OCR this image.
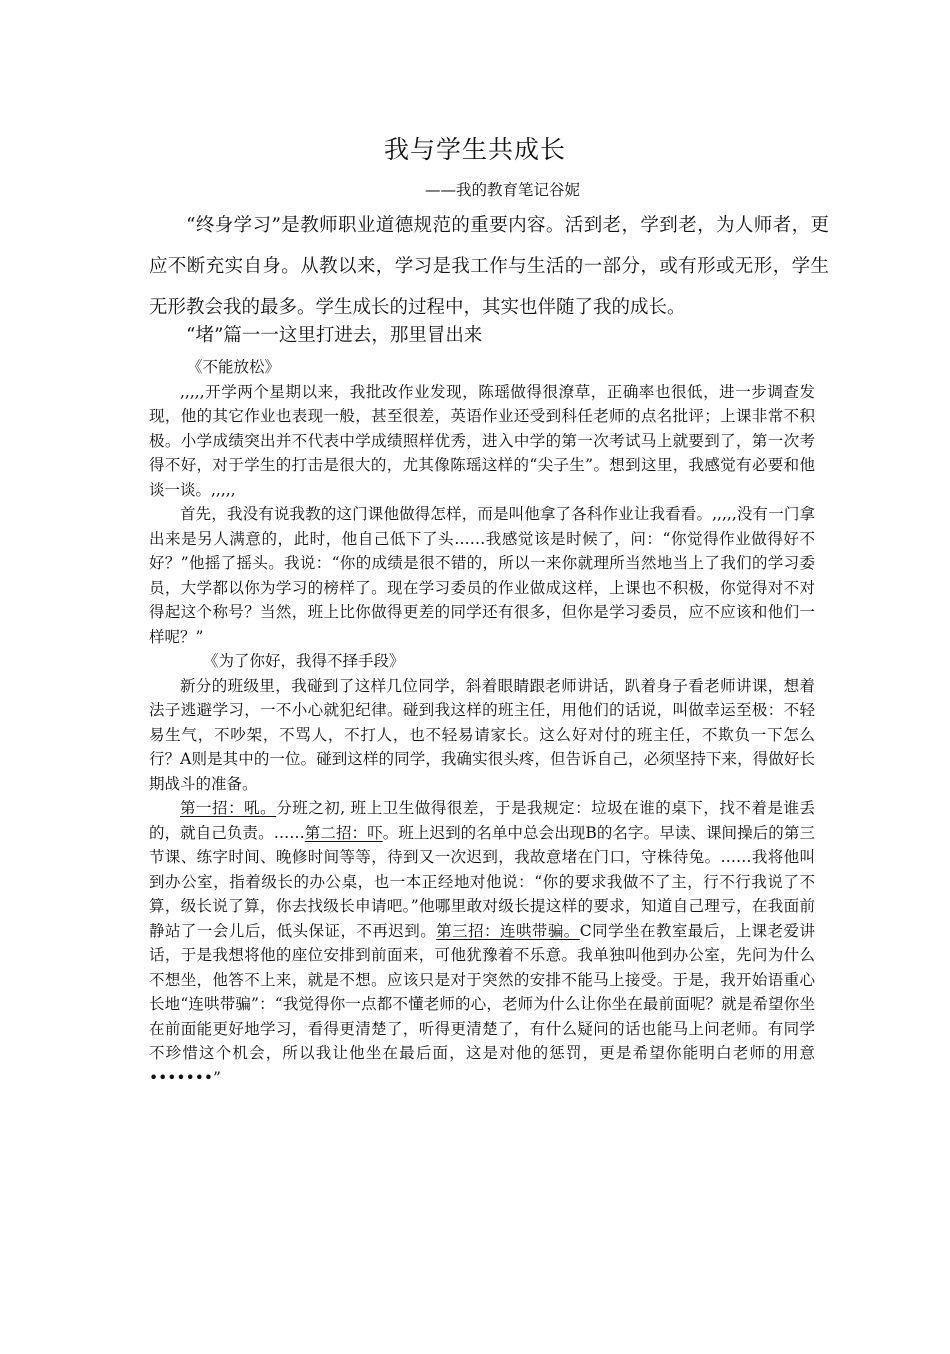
我与学生共成长
——我的教育笔记谷妮

“终身学习”是教师职业道德规范的重要内容。活到老，学到老，为人师者，更应不断充实自身。从教以来，学习是我工作与生活的一部分，或有形或无形，学生无形教会我的最多。学生成长的过程中，其实也伴随了我的成长。

“堵”篇一一这里打进去，那里冒出来

《不能放松》

,,,,,开学两个星期以来，我批改作业发现，陈瑶做得很潦草，正确率也很低，进一步调查发现，他的其它作业也表现一般，甚至很差，英语作业还受到科任老师的点名批评；上课非常不积极。小学成绩突出并不代表中学成绩照样优秀，进入中学的第一次考试马上就要到了，第一次考得不好，对于学生的打击是很大的，尤其像陈瑶这样的“尖子生”。想到这里，我感觉有必要和他谈一谈。,,,,,

首先，我没有说我教的这门课他做得怎样，而是叫他拿了各科作业让我看看。,,,,,没有一门拿出来是另人满意的，此时，他自己低下了头……我感觉该是时候了，问：“你觉得作业做得好不好？”他摇了摇头。我说：“你的成绩是很不错的，所以一来你就理所当然地当上了我们的学习委员，大学都以你为学习的榜样了。现在学习委员的作业做成这样，上课也不积极，你觉得对不对得起这个称号？当然，班上比你做得更差的同学还有很多，但你是学习委员，应不应该和他们一样呢？”

《为了你好，我得不择手段》

新分的班级里，我碰到了这样几位同学，斜着眼睛跟老师讲话，趴着身子看老师讲课，想着法子逃避学习，一不小心就犯纪律。碰到我这样的班主任，用他们的话说，叫做幸运至极：不轻易生气，不吵架，不骂人，不打人，也不轻易请家长。这么好对付的班主任，不欺负一下怎么行？A则是其中的一位。碰到这样的同学，我确实很头疼，但告诉自己，必须坚持下来，得做好长期战斗的准备。

第一招：吼。分班之初, 班上卫生做得很差，于是我规定：垃圾在谁的桌下，找不着是谁丢的，就自己负责。……第二招：吓。班上迟到的名单中总会出现B的名字。早读、课间操后的第三节课、练字时间、晚修时间等等，待到又一次迟到，我故意堵在门口，守株待兔。……我将他叫到办公室，指着级长的办公桌，也一本正经地对他说：“你的要求我做不了主，行不行我说了不算，级长说了算，你去找级长申请吧。”他哪里敢对级长提这样的要求，知道自己理亏，在我面前静站了一会儿后，低头保证，不再迟到。第三招：连哄带骗。C同学坐在教室最后，上课老爱讲话，于是我想将他的座位安排到前面来，可他犹豫着不乐意。我单独叫他到办公室，先问为什么不想坐，他答不上来，就是不想。应该只是对于突然的安排不能马上接受。于是，我开始语重心长地“连哄带骗”：“我觉得你一点都不懂老师的心，老师为什么让你坐在最前面呢？就是希望你坐在前面能更好地学习，看得更清楚了，听得更清楚了，有什么疑问的话也能马上问老师。有同学不珍惜这个机会，所以我让他坐在最后面，这是对他的惩罚，更是希望你能明白老师的用意•••••••”
